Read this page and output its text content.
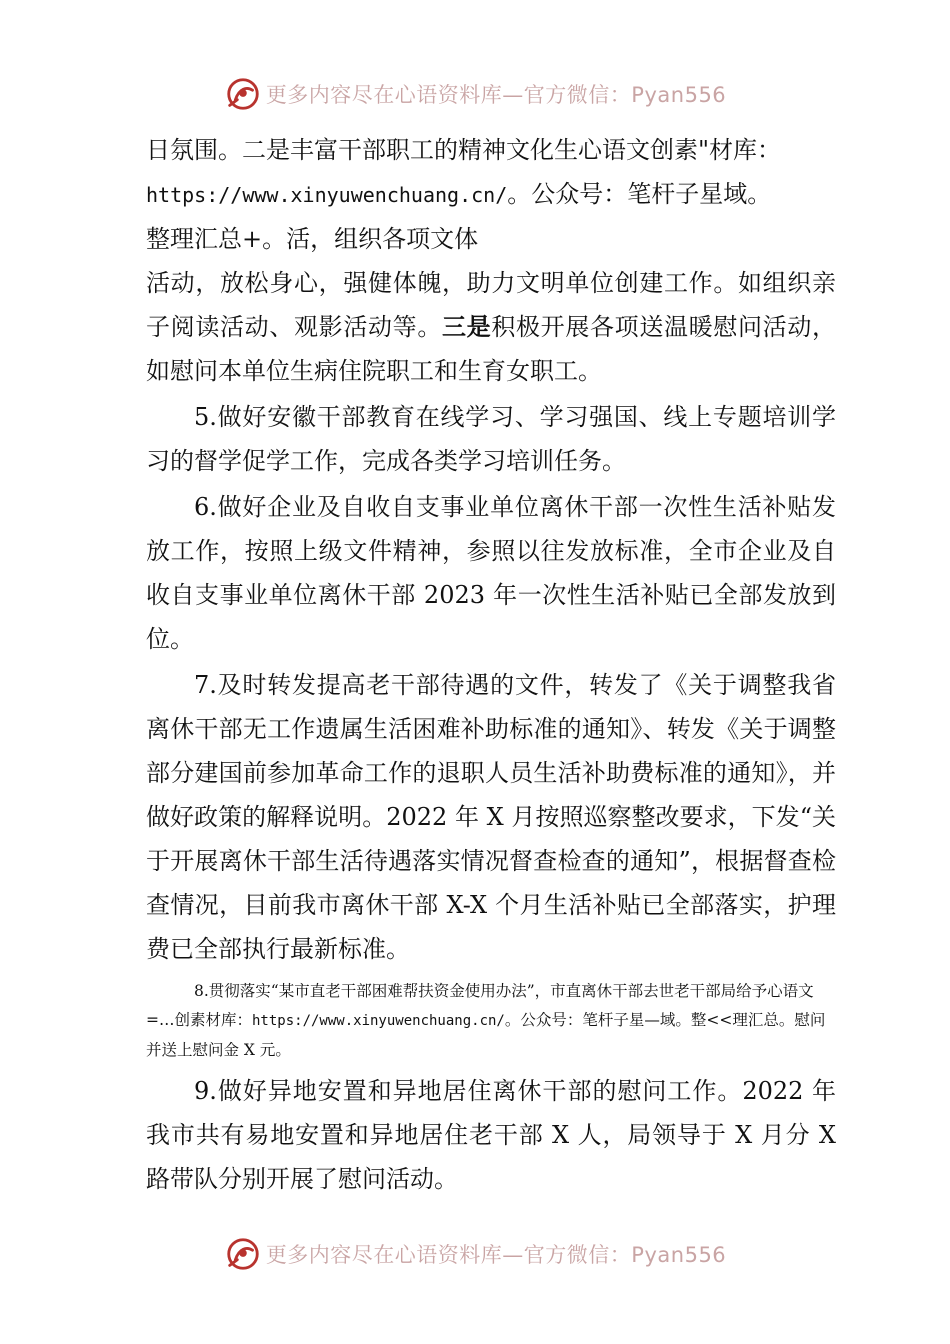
更多内容尽在心语资料库—官方微信：Pyan556

日氛围。二是丰富干部职工的精神文化生心语文创素"材库：
https://www.xinyuwenchuang.cn/。公众号：笔杆子星域。
整理汇总+。活，组织各项文体

活动，放松身心，强健体魄，助力文明单位创建工作。如组织亲子阅读活动、观影活动等。三是积极开展各项送温暖慰问活动，如慰问本单位生病住院职工和生育女职工。

5.做好安徽干部教育在线学习、学习强国、线上专题培训学习的督学促学工作，完成各类学习培训任务。

6.做好企业及自收自支事业单位离休干部一次性生活补贴发放工作，按照上级文件精神，参照以往发放标准，全市企业及自收自支事业单位离休干部 2023 年一次性生活补贴已全部发放到位。

7.及时转发提高老干部待遇的文件，转发了《关于调整我省离休干部无工作遗属生活困难补助标准的通知》、转发《关于调整部分建国前参加革命工作的退职人员生活补助费标准的通知》，并做好政策的解释说明。2022 年 X 月按照巡察整改要求，下发“关于开展离休干部生活待遇落实情况督查检查的通知”，根据督查检查情况，目前我市离休干部 X-X 个月生活补贴已全部落实，护理费已全部执行最新标准。

8.贯彻落实“某市直老干部困难帮扶资金使用办法”，市直离休干部去世老干部局给予心语文=…创素材库：https://www.xinyuwenchuang.cn/。公众号：笔杆子星—域。整<<理汇总。慰问并送上慰问金 X 元。

9.做好异地安置和异地居住离休干部的慰问工作。2022 年我市共有易地安置和异地居住老干部 X 人，局领导于 X 月分 X 路带队分别开展了慰问活动。

更多内容尽在心语资料库—官方微信：Pyan556
